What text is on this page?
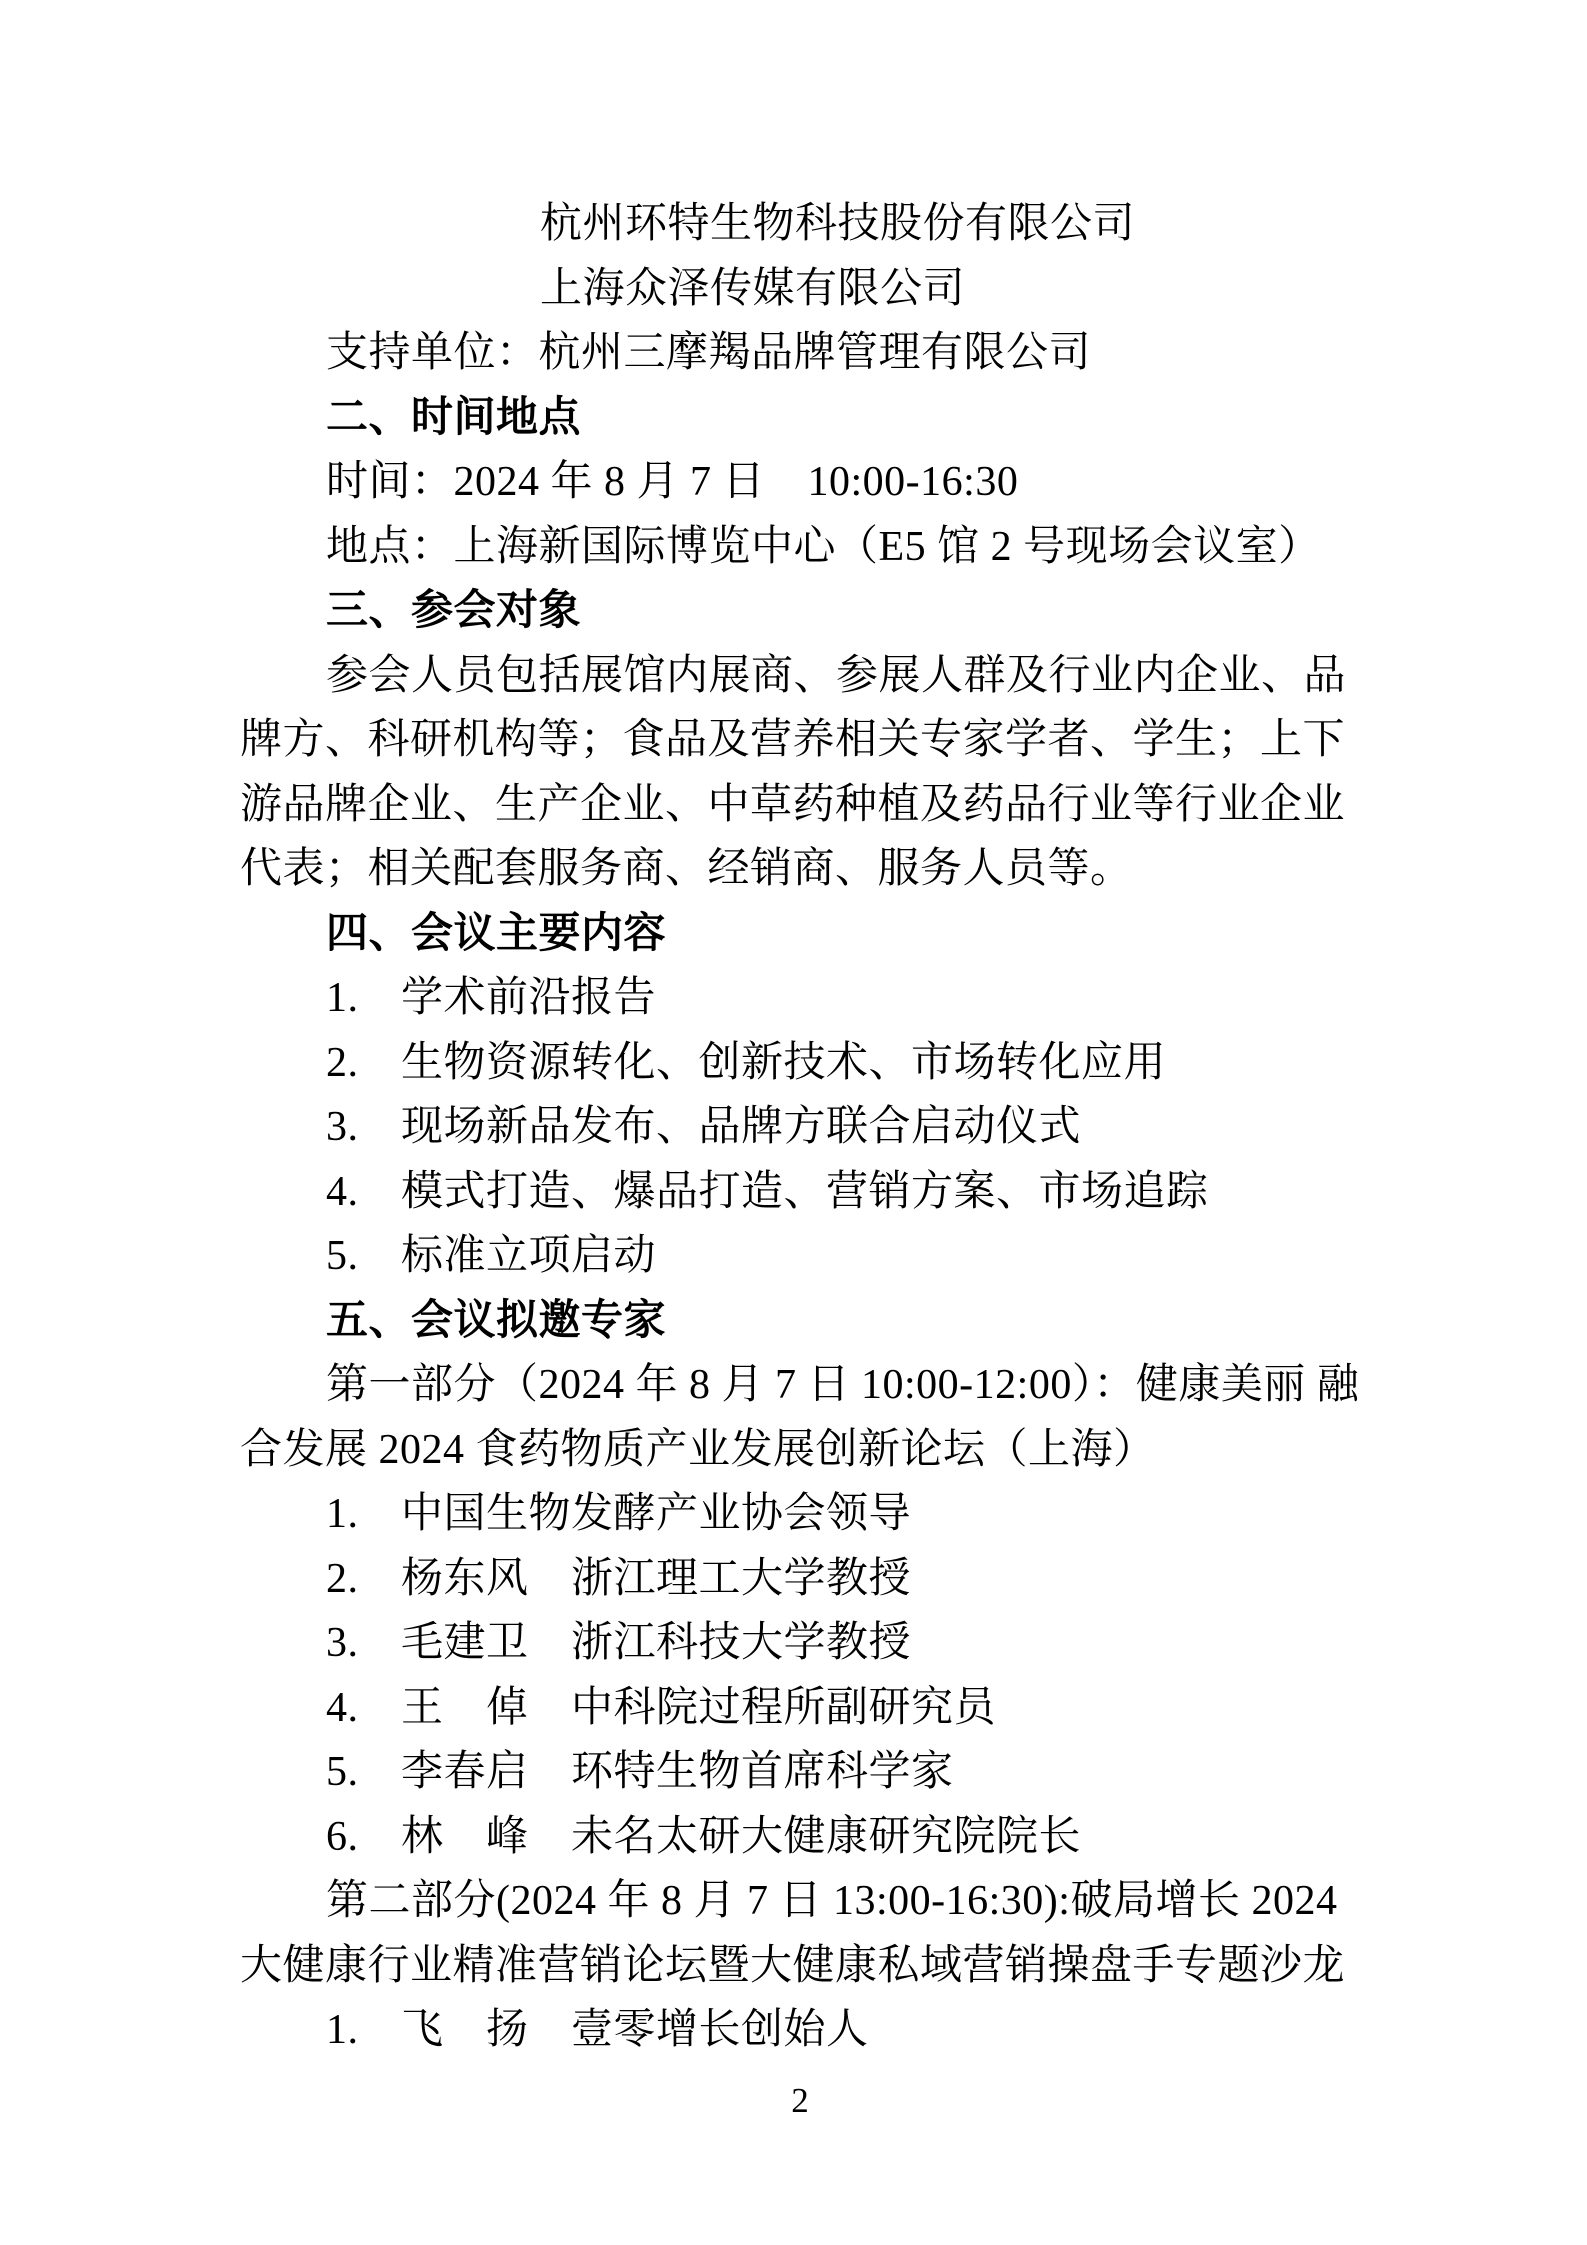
杭州环特生物科技股份有限公司
上海众泽传媒有限公司
支持单位：杭州三摩羯品牌管理有限公司
二、时间地点
时间：2024 年 8 月 7 日　10:00-16:30
地点：上海新国际博览中心（E5 馆 2 号现场会议室）
三、参会对象
参会人员包括展馆内展商、参展人群及行业内企业、品
牌方、科研机构等；食品及营养相关专家学者、学生；上下
游品牌企业、生产企业、中草药种植及药品行业等行业企业
代表；相关配套服务商、经销商、服务人员等。
四、会议主要内容
1.　学术前沿报告
2.　生物资源转化、创新技术、市场转化应用
3.　现场新品发布、品牌方联合启动仪式
4.　模式打造、爆品打造、营销方案、市场追踪
5.　标准立项启动
五、会议拟邀专家
第一部分（2024 年 8 月 7 日 10:00-12:00）：健康美丽 融
合发展 2024 食药物质产业发展创新论坛（上海）
1.　中国生物发酵产业协会领导
2.　杨东风　浙江理工大学教授
3.　毛建卫　浙江科技大学教授
4.　王　倬　中科院过程所副研究员
5.　李春启　环特生物首席科学家
6.　林　峰　未名太研大健康研究院院长
第二部分(2024 年 8 月 7 日 13:00-16:30):破局增长 2024
大健康行业精准营销论坛暨大健康私域营销操盘手专题沙龙
1.　飞　扬　壹零增长创始人
2
